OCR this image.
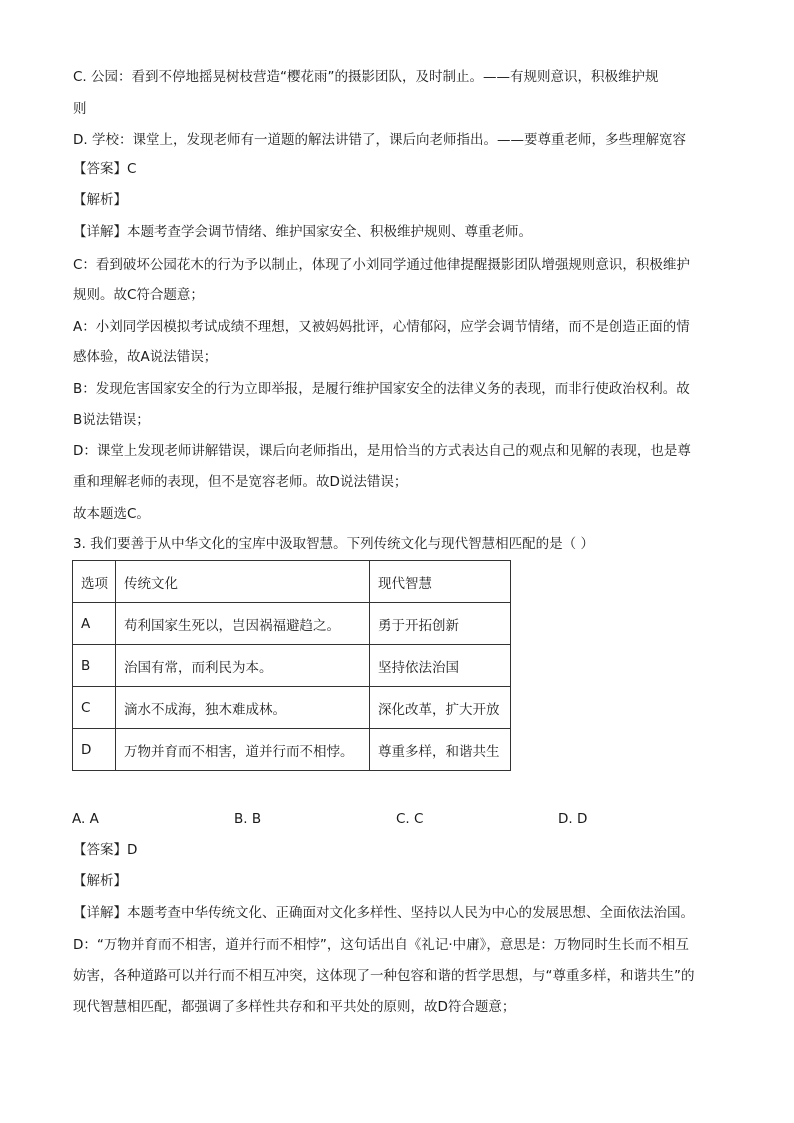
C. 公园：看到不停地摇晃树枝营造“樱花雨”的摄影团队，及时制止。——有规则意识，积极维护规
则
D. 学校：课堂上，发现老师有一道题的解法讲错了，课后向老师指出。——要尊重老师，多些理解宽容
【答案】C
【解析】
【详解】本题考查学会调节情绪、维护国家安全、积极维护规则、尊重老师。
C：看到破坏公园花木的行为予以制止，体现了小刘同学通过他律提醒摄影团队增强规则意识，积极维护
规则。故C符合题意；
A：小刘同学因模拟考试成绩不理想，又被妈妈批评，心情郁闷，应学会调节情绪，而不是创造正面的情
感体验，故A说法错误；
B：发现危害国家安全的行为立即举报，是履行维护国家安全的法律义务的表现，而非行使政治权利。故
B说法错误；
D：课堂上发现老师讲解错误，课后向老师指出，是用恰当的方式表达自己的观点和见解的表现，也是尊
重和理解老师的表现，但不是宽容老师。故D说法错误；
故本题选C。
3. 我们要善于从中华文化的宝库中汲取智慧。下列传统文化与现代智慧相匹配的是（ ）
选项	传统文化	现代智慧
A	苟利国家生死以，岂因祸福避趋之。	勇于开拓创新
B	治国有常，而利民为本。	坚持依法治国
C	滴水不成海，独木难成林。	深化改革，扩大开放
D	万物并育而不相害，道并行而不相悖。	尊重多样，和谐共生
A. A	B. B	C. C	D. D
【答案】D
【解析】
【详解】本题考查中华传统文化、正确面对文化多样性、坚持以人民为中心的发展思想、全面依法治国。
D：“万物并育而不相害，道并行而不相悖”，这句话出自《礼记·中庸》，意思是：万物同时生长而不相互
妨害，各种道路可以并行而不相互冲突，这体现了一种包容和谐的哲学思想，与“尊重多样，和谐共生”的
现代智慧相匹配，都强调了多样性共存和和平共处的原则，故D符合题意；
